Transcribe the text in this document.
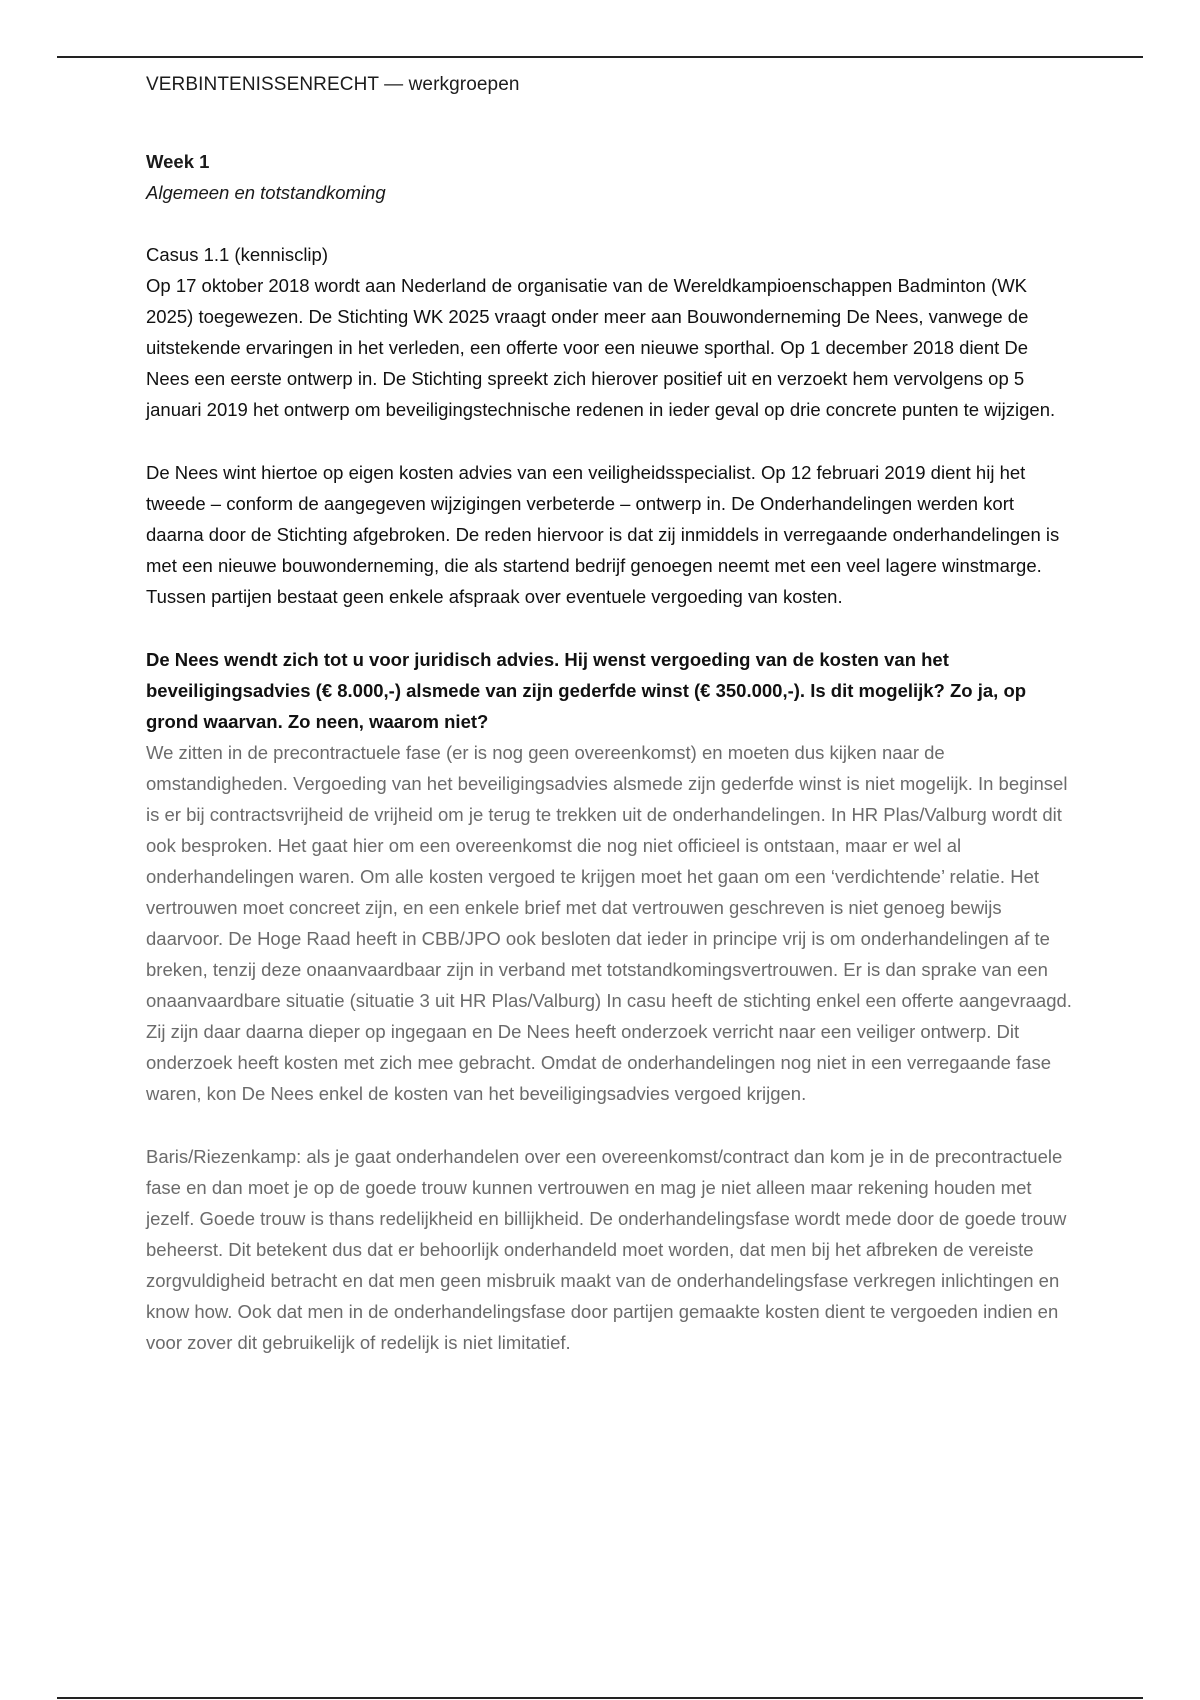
VERBINTENISSENRECHT — werkgroepen

Week 1

Algemeen en totstandkoming

Casus 1.1 (kennisclip)

Op 17 oktober 2018 wordt aan Nederland de organisatie van de Wereldkampioenschappen Badminton (WK 2025) toegewezen. De Stichting WK 2025 vraagt onder meer aan Bouwonderneming De Nees, vanwege de uitstekende ervaringen in het verleden, een offerte voor een nieuwe sporthal. Op 1 december 2018 dient De Nees een eerste ontwerp in. De Stichting spreekt zich hierover positief uit en verzoekt hem vervolgens op 5 januari 2019 het ontwerp om beveiligingstechnische redenen in ieder geval op drie concrete punten te wijzigen.

De Nees wint hiertoe op eigen kosten advies van een veiligheidsspecialist. Op 12 februari 2019 dient hij het tweede – conform de aangegeven wijzigingen verbeterde – ontwerp in. De Onderhandelingen werden kort daarna door de Stichting afgebroken. De reden hiervoor is dat zij inmiddels in verregaande onderhandelingen is met een nieuwe bouwonderneming, die als startend bedrijf genoegen neemt met een veel lagere winstmarge. Tussen partijen bestaat geen enkele afspraak over eventuele vergoeding van kosten.

De Nees wendt zich tot u voor juridisch advies. Hij wenst vergoeding van de kosten van het beveiligingsadvies (€ 8.000,-) alsmede van zijn gederfde winst (€ 350.000,-). Is dit mogelijk? Zo ja, op grond waarvan. Zo neen, waarom niet?

We zitten in de precontractuele fase (er is nog geen overeenkomst) en moeten dus kijken naar de omstandigheden. Vergoeding van het beveiligingsadvies alsmede zijn gederfde winst is niet mogelijk. In beginsel is er bij contractsvrijheid de vrijheid om je terug te trekken uit de onderhandelingen. In HR Plas/Valburg wordt dit ook besproken. Het gaat hier om een overeenkomst die nog niet officieel is ontstaan, maar er wel al onderhandelingen waren. Om alle kosten vergoed te krijgen moet het gaan om een ‘verdichtende’ relatie. Het vertrouwen moet concreet zijn, en een enkele brief met dat vertrouwen geschreven is niet genoeg bewijs daarvoor. De Hoge Raad heeft in CBB/JPO ook besloten dat ieder in principe vrij is om onderhandelingen af te breken, tenzij deze onaanvaardbaar zijn in verband met totstandkomingsvertrouwen. Er is dan sprake van een onaanvaardbare situatie (situatie 3 uit HR Plas/Valburg) In casu heeft de stichting enkel een offerte aangevraagd. Zij zijn daar daarna dieper op ingegaan en De Nees heeft onderzoek verricht naar een veiliger ontwerp. Dit onderzoek heeft kosten met zich mee gebracht. Omdat de onderhandelingen nog niet in een verregaande fase waren, kon De Nees enkel de kosten van het beveiligingsadvies vergoed krijgen.

Baris/Riezenkamp: als je gaat onderhandelen over een overeenkomst/contract dan kom je in de precontractuele fase en dan moet je op de goede trouw kunnen vertrouwen en mag je niet alleen maar rekening houden met jezelf. Goede trouw is thans redelijkheid en billijkheid. De onderhandelingsfase wordt mede door de goede trouw beheerst. Dit betekent dus dat er behoorlijk onderhandeld moet worden, dat men bij het afbreken de vereiste zorgvuldigheid betracht en dat men geen misbruik maakt van de onderhandelingsfase verkregen inlichtingen en know how. Ook dat men in de onderhandelingsfase door partijen gemaakte kosten dient te vergoeden indien en voor zover dit gebruikelijk of redelijk is niet limitatief.
